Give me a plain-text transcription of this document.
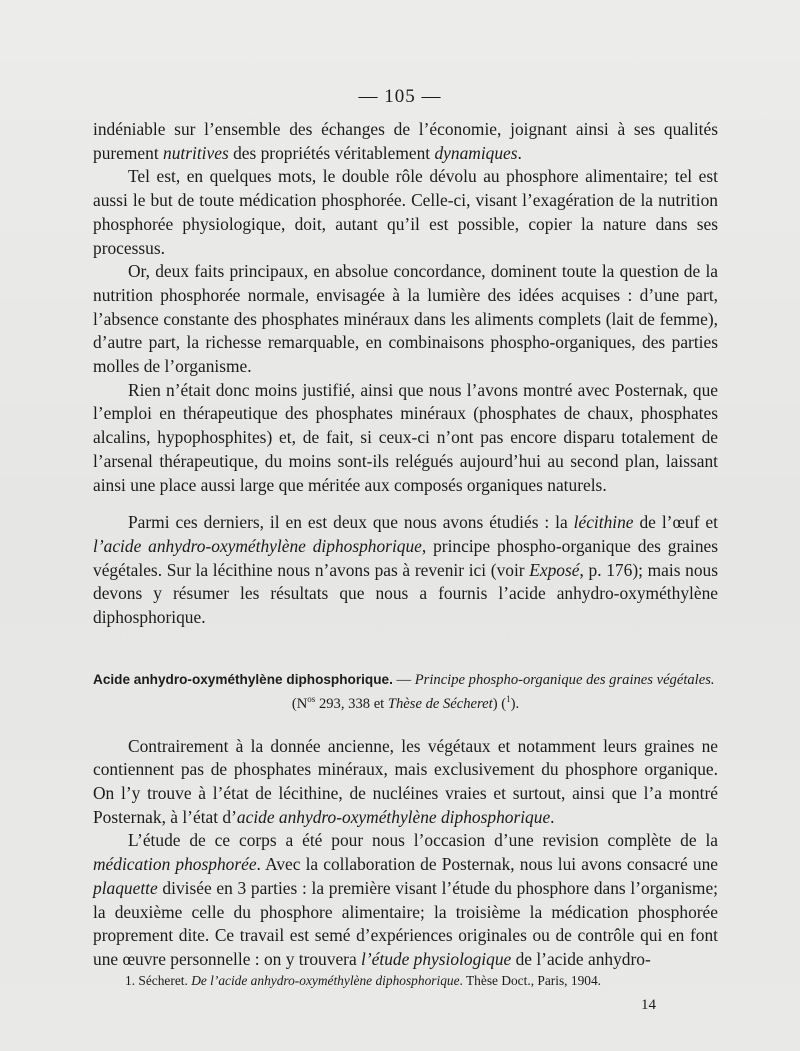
— 105 —

indéniable sur l’ensemble des échanges de l’économie, joignant ainsi à ses qualités purement nutritives des propriétés véritablement dynamiques.

Tel est, en quelques mots, le double rôle dévolu au phosphore alimentaire; tel est aussi le but de toute médication phosphorée. Celle-ci, visant l’exagération de la nutrition phosphorée physiologique, doit, autant qu’il est possible, copier la nature dans ses processus.

Or, deux faits principaux, en absolue concordance, dominent toute la question de la nutrition phosphorée normale, envisagée à la lumière des idées acquises : d’une part, l’absence constante des phosphates minéraux dans les aliments complets (lait de femme), d’autre part, la richesse remarquable, en combinaisons phospho-organiques, des parties molles de l’organisme.

Rien n’était donc moins justifié, ainsi que nous l’avons montré avec Posternak, que l’emploi en thérapeutique des phosphates minéraux (phosphates de chaux, phosphates alcalins, hypophosphites) et, de fait, si ceux-ci n’ont pas encore disparu totalement de l’arsenal thérapeutique, du moins sont-ils relégués aujourd’hui au second plan, laissant ainsi une place aussi large que méritée aux composés organiques naturels.

Parmi ces derniers, il en est deux que nous avons étudiés : la lécithine de l’œuf et l’acide anhydro-oxyméthylène diphosphorique, principe phospho-organique des graines végétales. Sur la lécithine nous n’avons pas à revenir ici (voir Exposé, p. 176); mais nous devons y résumer les résultats que nous a fournis l’acide anhydro-oxyméthylène diphosphorique.

Acide anhydro-oxyméthylène diphosphorique. — Principe phospho-organique des graines végétales.
($N^{os}$ 293, 338 et Thèse de Sécheret) ($^1$).

Contrairement à la donnée ancienne, les végétaux et notamment leurs graines ne contiennent pas de phosphates minéraux, mais exclusivement du phosphore organique. On l’y trouve à l’état de lécithine, de nucléines vraies et surtout, ainsi que l’a montré Posternak, à l’état d’acide anhydro-oxyméthylène diphosphorique.

L’étude de ce corps a été pour nous l’occasion d’une revision complète de la médication phosphorée. Avec la collaboration de Posternak, nous lui avons consacré une plaquette divisée en 3 parties : la première visant l’étude du phosphore dans l’organisme; la deuxième celle du phosphore alimentaire; la troisième la médication phosphorée proprement dite. Ce travail est semé d’expériences originales ou de contrôle qui en font une œuvre personnelle : on y trouvera l’étude physiologique de l’acide anhydro-

1. Sécheret. De l’acide anhydro-oxyméthylène diphosphorique. Thèse Doct., Paris, 1904.
14
